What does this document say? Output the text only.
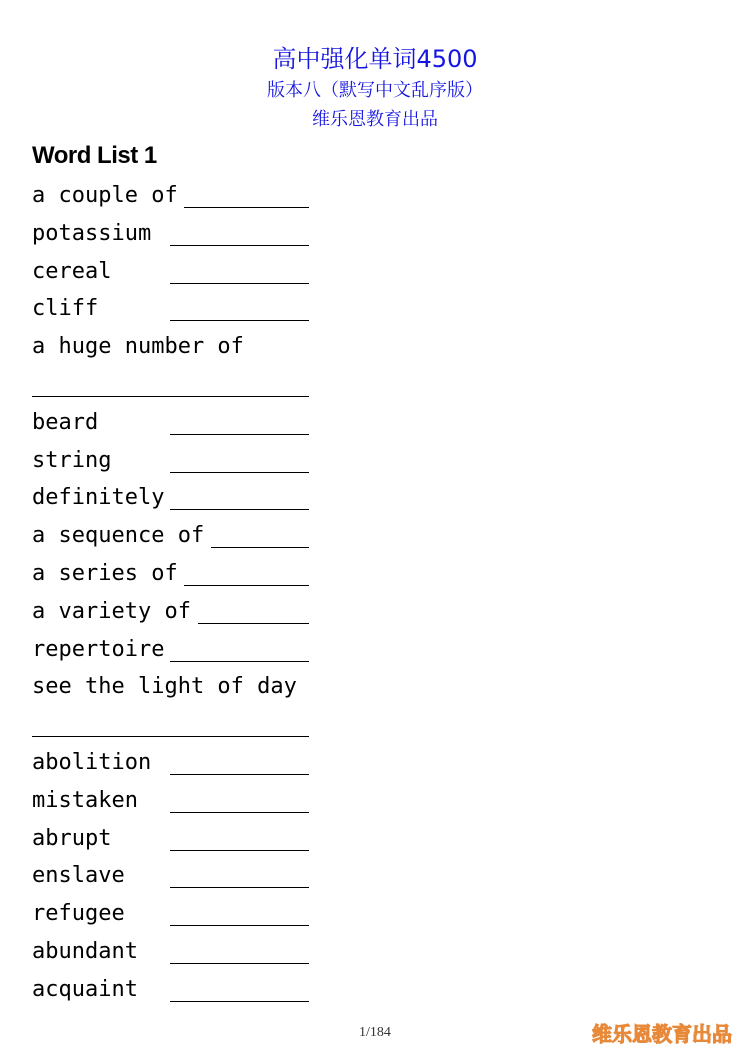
高中强化单词4500
版本八（默写中文乱序版）
维乐恩教育出品
Word List 1
a couple of
potassium
cereal
cliff
a huge number of
beard
string
definitely
a sequence of
a series of
a variety of
repertoire
see the light of day
abolition
mistaken
abrupt
enslave
refugee
abundant
acquaint
1/184	维乐恩教育出品
